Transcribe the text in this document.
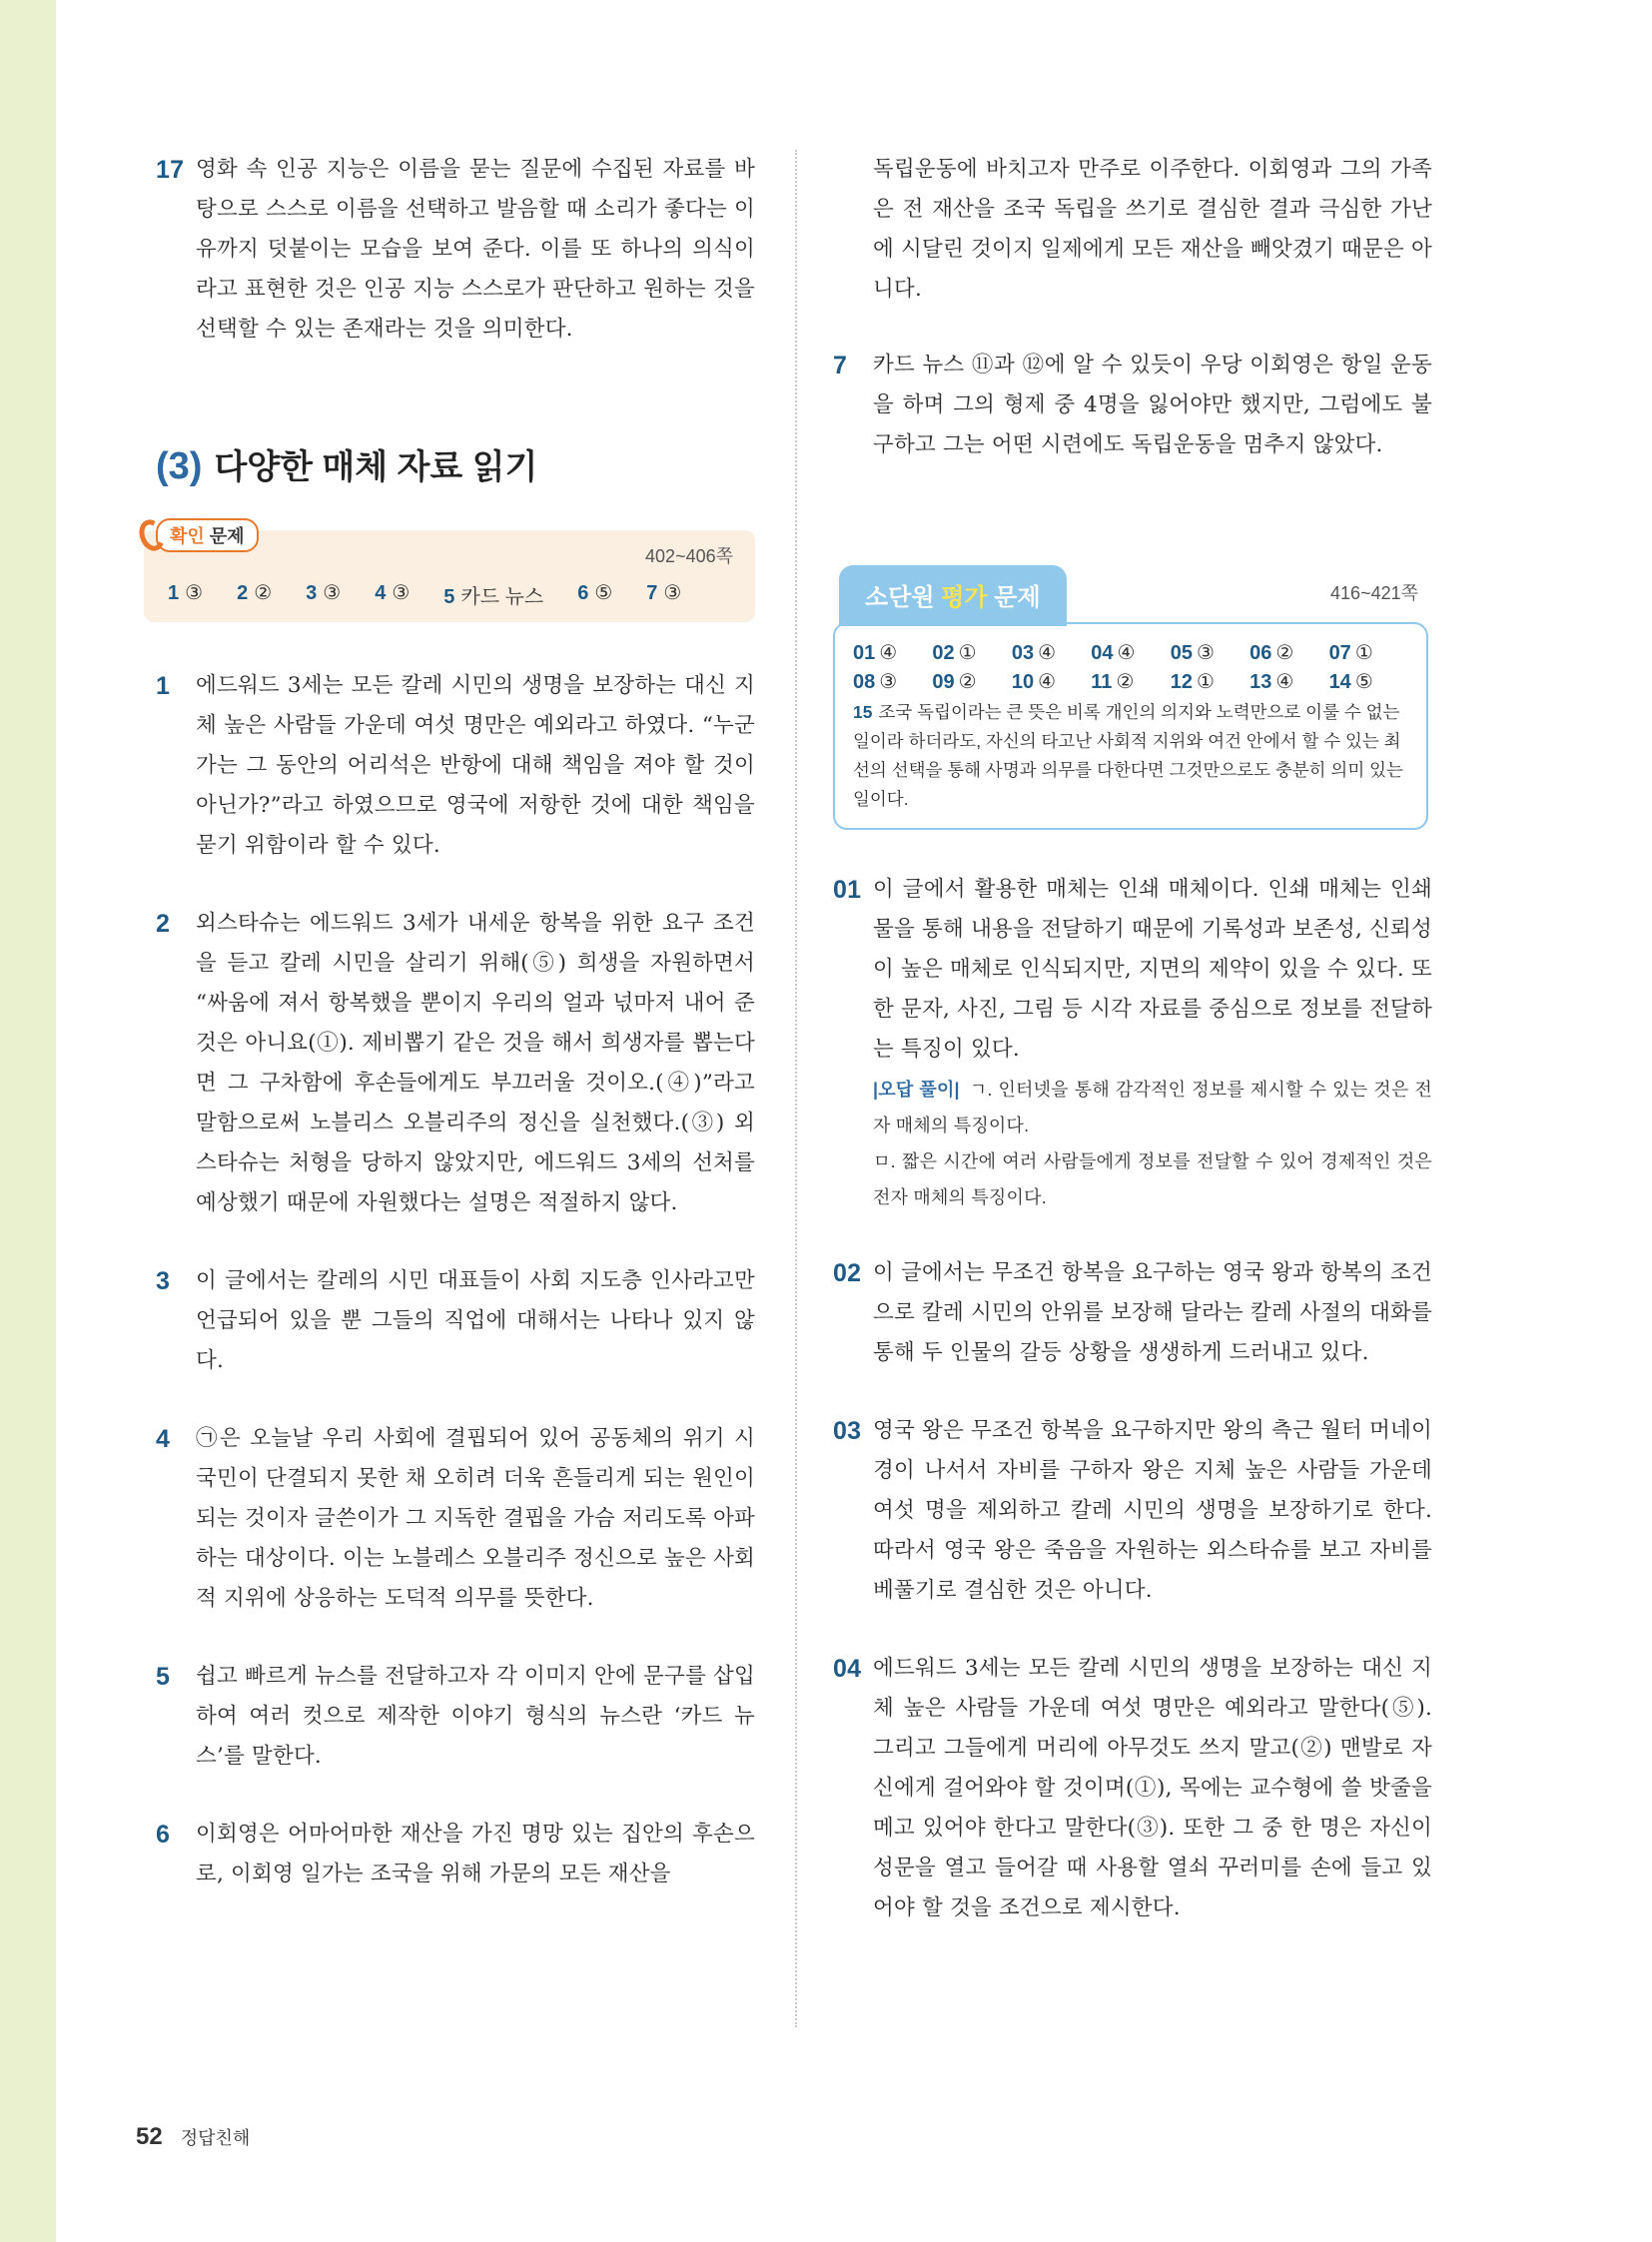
17 영화 속 인공 지능은 이름을 묻는 질문에 수집된 자료를 바탕으로 스스로 이름을 선택하고 발음할 때 소리가 좋다는 이유까지 덧붙이는 모습을 보여 준다. 이를 또 하나의 의식이라고 표현한 것은 인공 지능 스스로가 판단하고 원하는 것을 선택할 수 있는 존재라는 것을 의미한다.
(3) 다양한 매체 자료 읽기
확인 문제
402~406쪽
1 ③ 2 ② 3 ③ 4 ③ 5 카드 뉴스 6 ⑤ 7 ③
1 에드워드 3세는 모든 칼레 시민의 생명을 보장하는 대신 지체 높은 사람들 가운데 여섯 명만은 예외라고 하였다. “누군가는 그 동안의 어리석은 반항에 대해 책임을 져야 할 것이 아닌가?”라고 하였으므로 영국에 저항한 것에 대한 책임을 묻기 위함이라 할 수 있다.
2 외스타슈는 에드워드 3세가 내세운 항복을 위한 요구 조건을 듣고 칼레 시민을 살리기 위해(⑤) 희생을 자원하면서 “싸움에 져서 항복했을 뿐이지 우리의 얼과 넋마저 내어 준 것은 아니요(①). 제비뽑기 같은 것을 해서 희생자를 뽑는다면 그 구차함에 후손들에게도 부끄러울 것이오.(④)”라고 말함으로써 노블리스 오블리주의 정신을 실천했다.(③) 외스타슈는 처형을 당하지 않았지만, 에드워드 3세의 선처를 예상했기 때문에 자원했다는 설명은 적절하지 않다.
3 이 글에서는 칼레의 시민 대표들이 사회 지도층 인사라고만 언급되어 있을 뿐 그들의 직업에 대해서는 나타나 있지 않다.
4 ㉠은 오늘날 우리 사회에 결핍되어 있어 공동체의 위기 시 국민이 단결되지 못한 채 오히려 더욱 흔들리게 되는 원인이 되는 것이자 글쓴이가 그 지독한 결핍을 가슴 저리도록 아파하는 대상이다. 이는 노블레스 오블리주 정신으로 높은 사회적 지위에 상응하는 도덕적 의무를 뜻한다.
5 쉽고 빠르게 뉴스를 전달하고자 각 이미지 안에 문구를 삽입하여 여러 컷으로 제작한 이야기 형식의 뉴스란 ‘카드 뉴스’를 말한다.
6 이회영은 어마어마한 재산을 가진 명망 있는 집안의 후손으로, 이회영 일가는 조국을 위해 가문의 모든 재산을
독립운동에 바치고자 만주로 이주한다. 이회영과 그의 가족은 전 재산을 조국 독립을 쓰기로 결심한 결과 극심한 가난에 시달린 것이지 일제에게 모든 재산을 빼앗겼기 때문은 아니다.
7 카드 뉴스 ⑪과 ⑫에 알 수 있듯이 우당 이회영은 항일 운동을 하며 그의 형제 중 4명을 잃어야만 했지만, 그럼에도 불구하고 그는 어떤 시련에도 독립운동을 멈추지 않았다.
소단원 평가 문제	416~421쪽
01 ④	02 ①	03 ④	04 ④	05 ③	06 ②	07 ①
08 ③	09 ②	10 ④	11 ②	12 ①	13 ④	14 ⑤
15 조국 독립이라는 큰 뜻은 비록 개인의 의지와 노력만으로 이룰 수 없는 일이라 하더라도, 자신의 타고난 사회적 지위와 여건 안에서 할 수 있는 최선의 선택을 통해 사명과 의무를 다한다면 그것만으로도 충분히 의미 있는 일이다.
01 이 글에서 활용한 매체는 인쇄 매체이다. 인쇄 매체는 인쇄물을 통해 내용을 전달하기 때문에 기록성과 보존성, 신뢰성이 높은 매체로 인식되지만, 지면의 제약이 있을 수 있다. 또한 문자, 사진, 그림 등 시각 자료를 중심으로 정보를 전달하는 특징이 있다.
|오답 풀이| ㄱ. 인터넷을 통해 감각적인 정보를 제시할 수 있는 것은 전자 매체의 특징이다.
ㅁ. 짧은 시간에 여러 사람들에게 정보를 전달할 수 있어 경제적인 것은 전자 매체의 특징이다.
02 이 글에서는 무조건 항복을 요구하는 영국 왕과 항복의 조건으로 칼레 시민의 안위를 보장해 달라는 칼레 사절의 대화를 통해 두 인물의 갈등 상황을 생생하게 드러내고 있다.
03 영국 왕은 무조건 항복을 요구하지만 왕의 측근 월터 머네이 경이 나서서 자비를 구하자 왕은 지체 높은 사람들 가운데 여섯 명을 제외하고 칼레 시민의 생명을 보장하기로 한다. 따라서 영국 왕은 죽음을 자원하는 외스타슈를 보고 자비를 베풀기로 결심한 것은 아니다.
04 에드워드 3세는 모든 칼레 시민의 생명을 보장하는 대신 지체 높은 사람들 가운데 여섯 명만은 예외라고 말한다(⑤). 그리고 그들에게 머리에 아무것도 쓰지 말고(②) 맨발로 자신에게 걸어와야 할 것이며(①), 목에는 교수형에 쓸 밧줄을 메고 있어야 한다고 말한다(③). 또한 그 중 한 명은 자신이 성문을 열고 들어갈 때 사용할 열쇠 꾸러미를 손에 들고 있어야 할 것을 조건으로 제시한다.
52 정답친해
